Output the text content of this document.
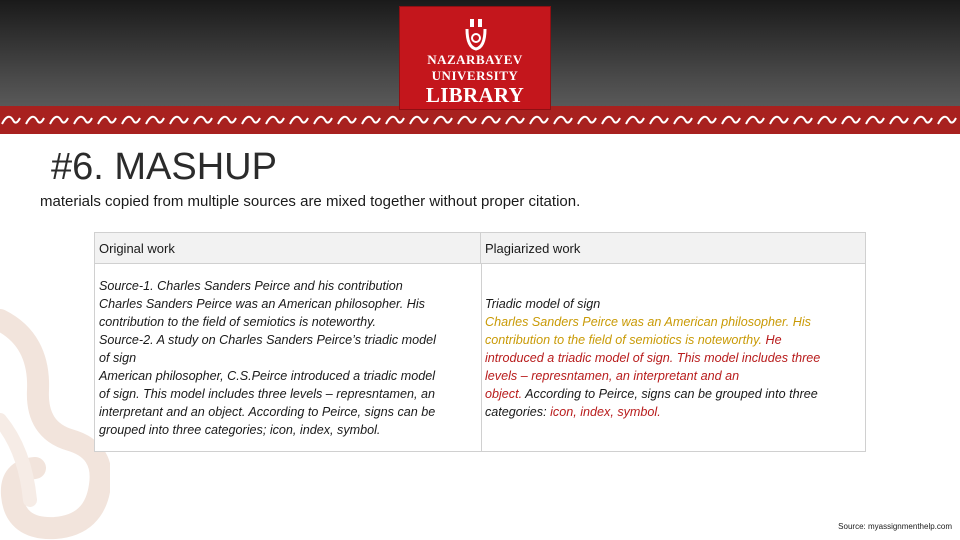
NAZARBAYEV
UNIVERSITY
LIBRARY
#6. MASHUP
materials copied from multiple sources are mixed together without proper citation.
Original work	Plagiarized work
Source-1. Charles Sanders Peirce and his contribution
Charles Sanders Peirce was an American philosopher. His
contribution to the field of semiotics is noteworthy.
Source-2. A study on Charles Sanders Peirce’s triadic model
of sign
American philosopher, C.S.Peirce introduced a triadic model
of sign. This model includes three levels – represntamen, an
interpretant and an object. According to Peirce, signs can be
grouped into three categories; icon, index, symbol.
Triadic model of sign
Charles Sanders Peirce was an American philosopher. His
contribution to the field of semiotics is noteworthy. He
introduced a triadic model of sign. This model includes three
levels – represntamen, an interpretant and an
object. According to Peirce, signs can be grouped into three
categories: icon, index, symbol.
Source: myassignmenthelp.com
